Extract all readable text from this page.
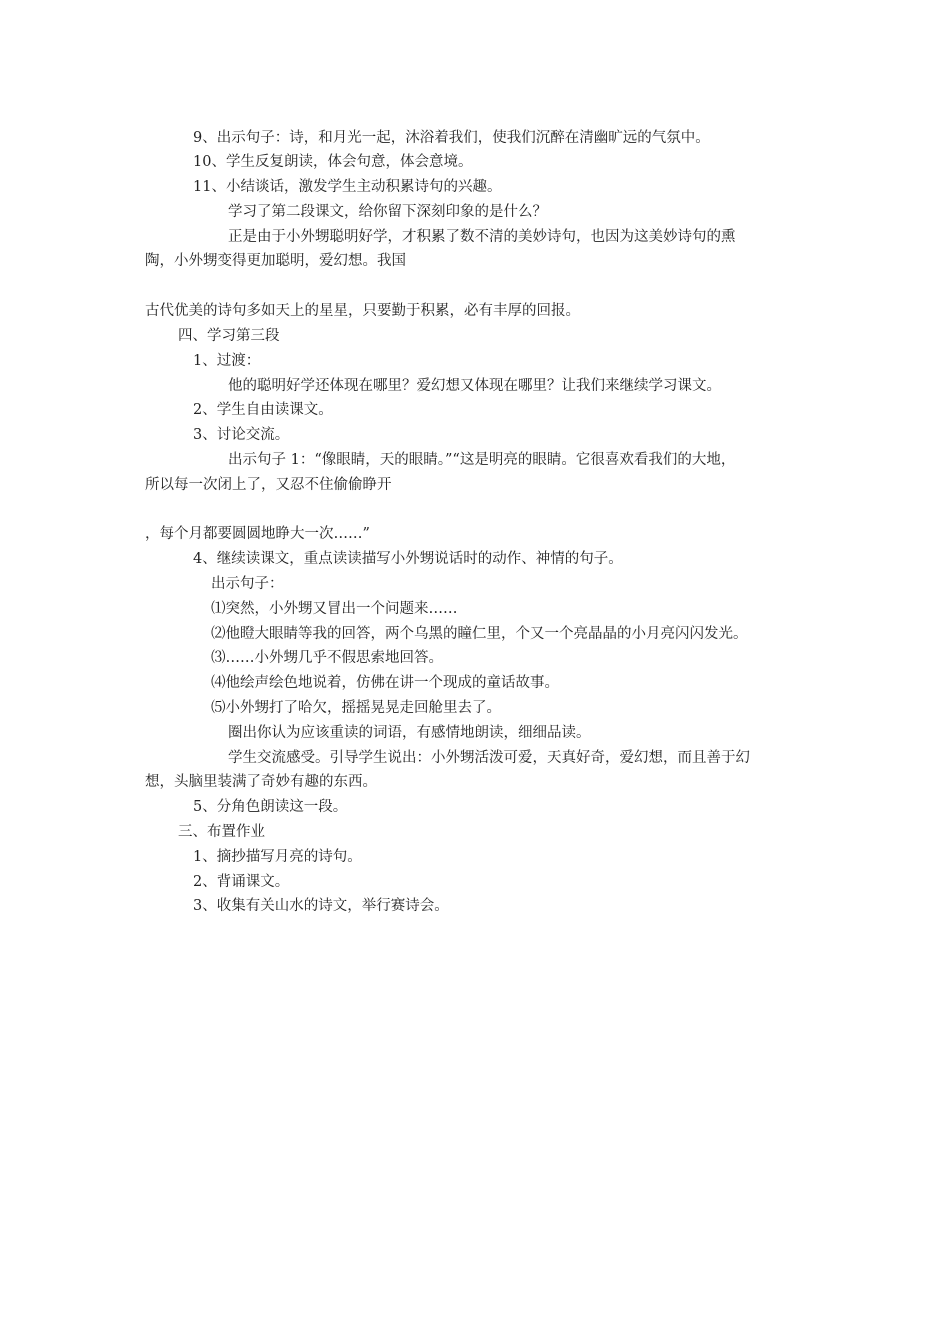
9、出示句子：诗，和月光一起，沐浴着我们，使我们沉醉在清幽旷远的气氛中。
10、学生反复朗读，体会句意，体会意境。
11、小结谈话，激发学生主动积累诗句的兴趣。
学习了第二段课文，给你留下深刻印象的是什么？
正是由于小外甥聪明好学，才积累了数不清的美妙诗句，也因为这美妙诗句的熏
陶，小外甥变得更加聪明，爱幻想。我国
古代优美的诗句多如天上的星星，只要勤于积累，必有丰厚的回报。
四、学习第三段
1、过渡：
他的聪明好学还体现在哪里？爱幻想又体现在哪里？让我们来继续学习课文。
2、学生自由读课文。
3、讨论交流。
出示句子 1：“像眼睛，天的眼睛。”“这是明亮的眼睛。它很喜欢看我们的大地，
所以每一次闭上了，又忍不住偷偷睁开
，每个月都要圆圆地睁大一次……”
4、继续读课文，重点读读描写小外甥说话时的动作、神情的句子。
出示句子：
⑴突然，小外甥又冒出一个问题来……
⑵他瞪大眼睛等我的回答，两个乌黑的瞳仁里，个又一个亮晶晶的小月亮闪闪发光。
⑶……小外甥几乎不假思索地回答。
⑷他绘声绘色地说着，仿佛在讲一个现成的童话故事。
⑸小外甥打了哈欠，摇摇晃晃走回舱里去了。
圈出你认为应该重读的词语，有感情地朗读，细细品读。
学生交流感受。引导学生说出：小外甥活泼可爱，天真好奇，爱幻想，而且善于幻
想，头脑里装满了奇妙有趣的东西。
5、分角色朗读这一段。
三、布置作业
1、摘抄描写月亮的诗句。
2、背诵课文。
3、收集有关山水的诗文，举行赛诗会。
